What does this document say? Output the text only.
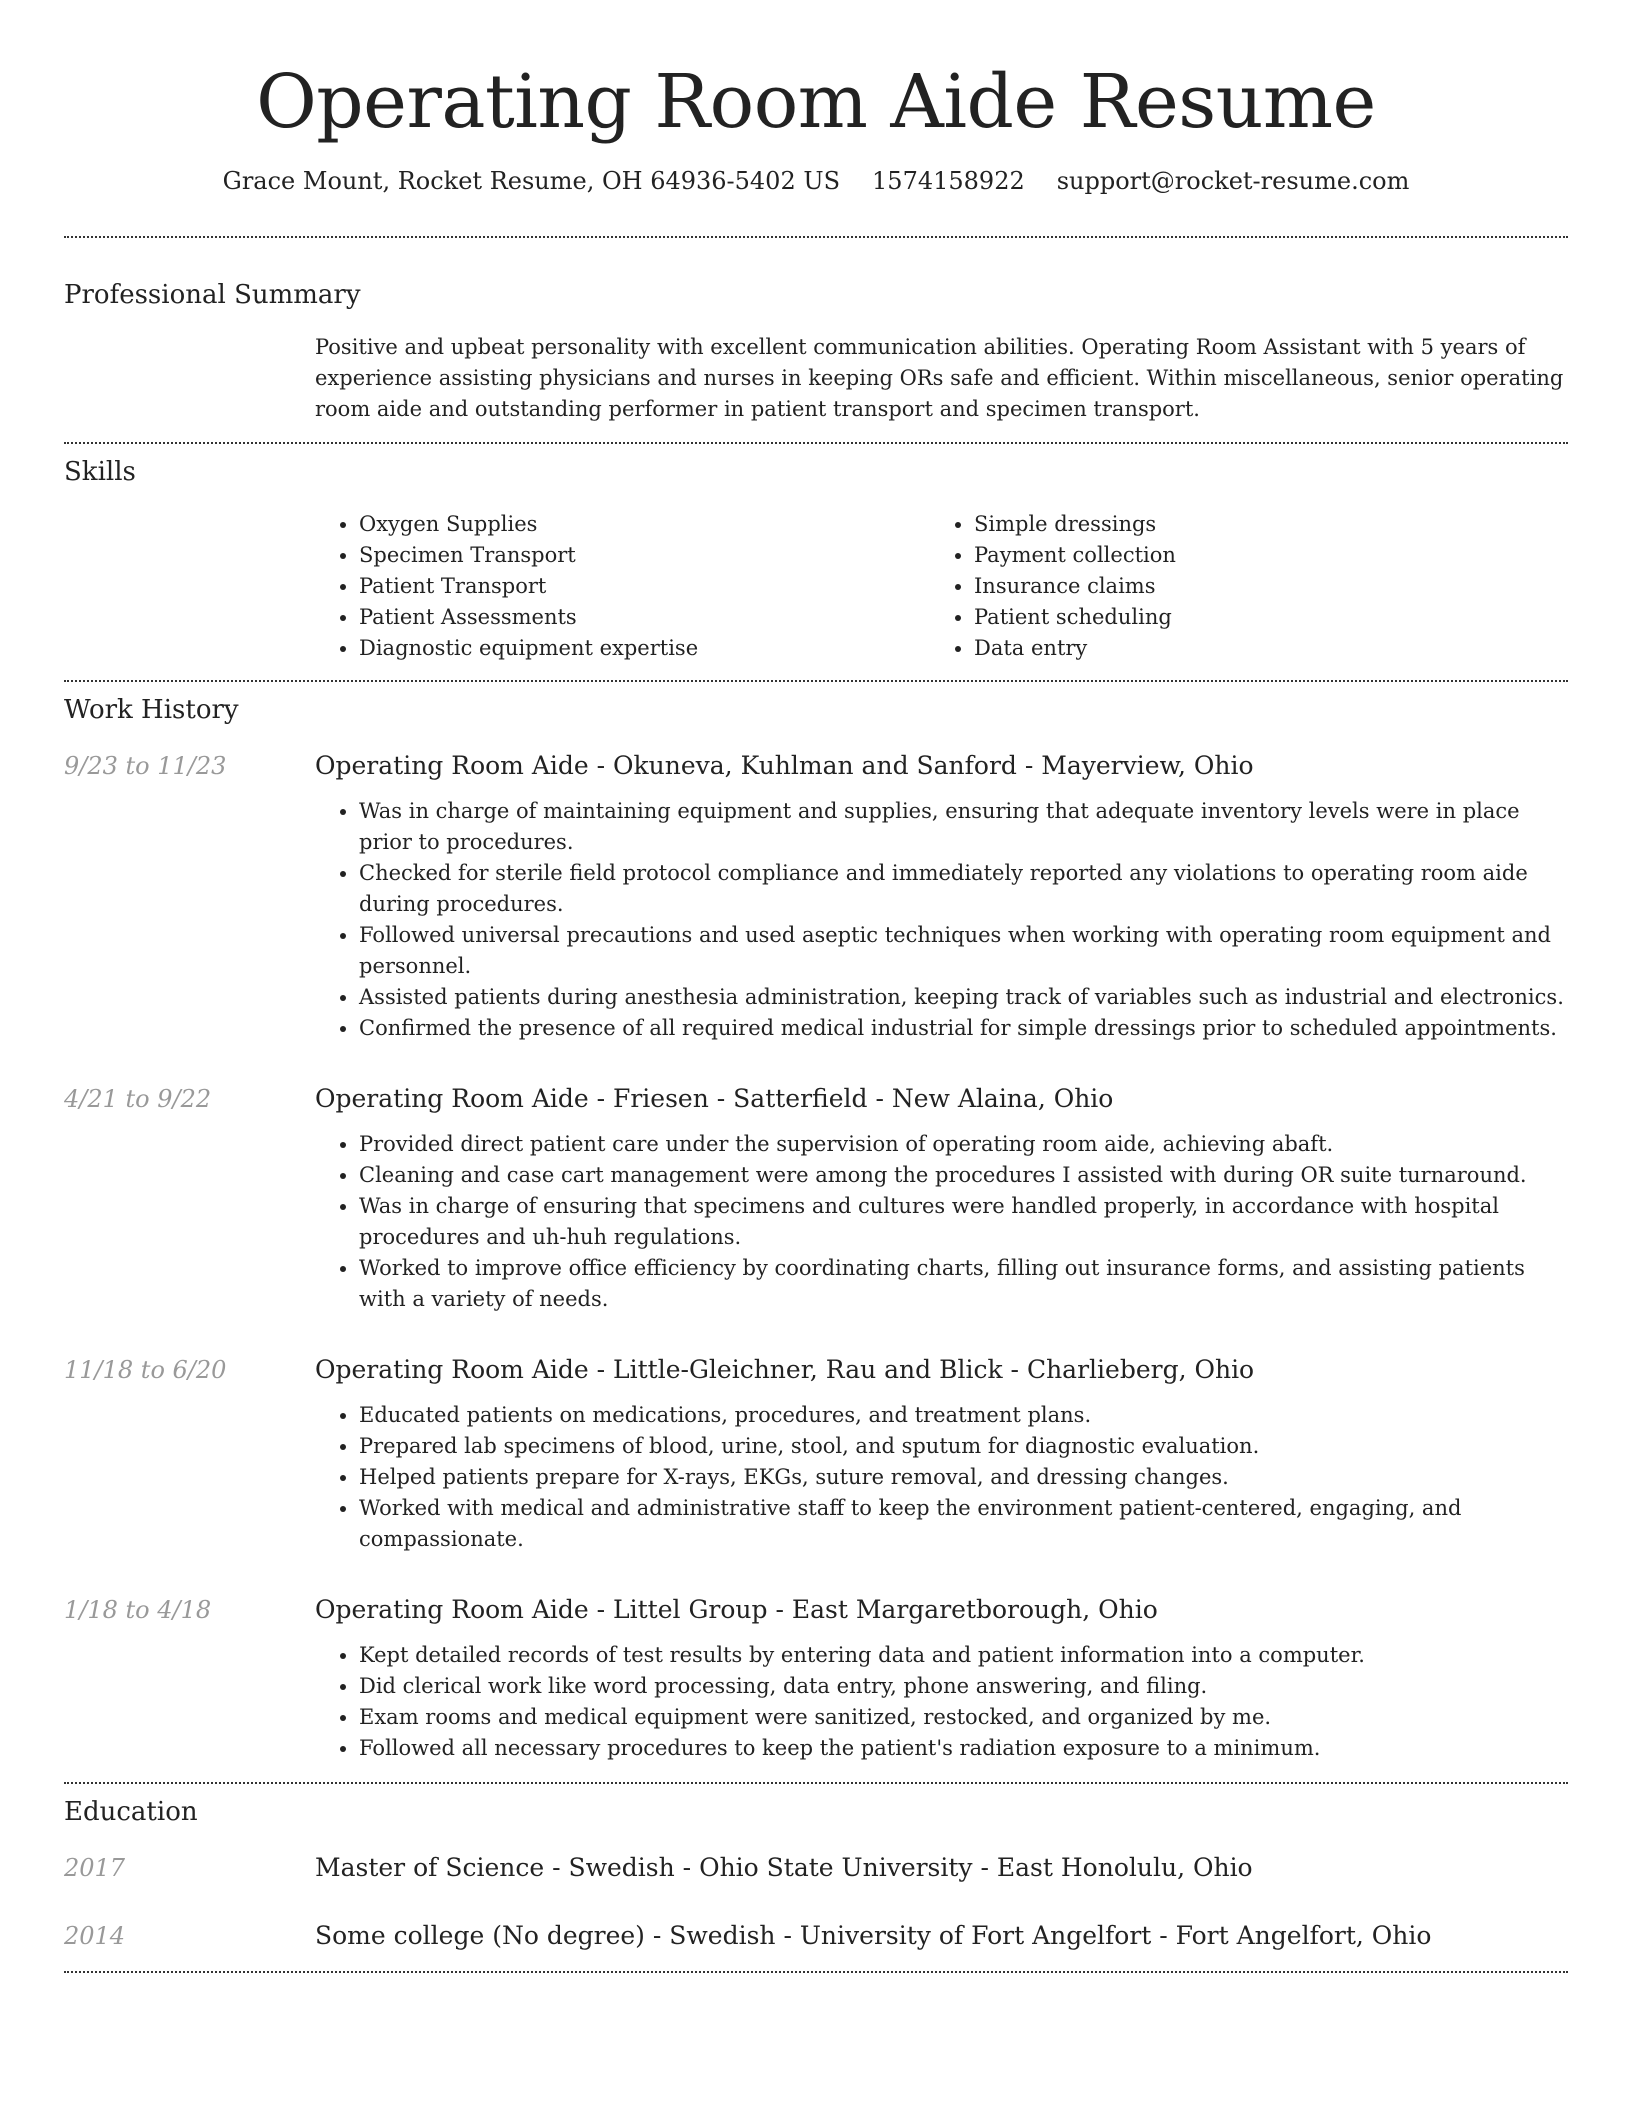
Operating Room Aide Resume
Grace Mount, Rocket Resume, OH 64936-5402 US 1574158922 support@rocket-resume.com
Professional Summary

Positive and upbeat personality with excellent communication abilities. Operating Room Assistant with 5 years of experience assisting physicians and nurses in keeping ORs safe and efficient. Within miscellaneous, senior operating room aide and outstanding performer in patient transport and specimen transport.

Skills
• Oxygen Supplies
• Specimen Transport
• Patient Transport
• Patient Assessments
• Diagnostic equipment expertise
• Simple dressings
• Payment collection
• Insurance claims
• Patient scheduling
• Data entry
Work History
9/23 to 11/23	Operating Room Aide - Okuneva, Kuhlman and Sanford - Mayerview, Ohio
• Was in charge of maintaining equipment and supplies, ensuring that adequate inventory levels were in place prior to procedures.
• Checked for sterile field protocol compliance and immediately reported any violations to operating room aide during procedures.
• Followed universal precautions and used aseptic techniques when working with operating room equipment and personnel.
• Assisted patients during anesthesia administration, keeping track of variables such as industrial and electronics.
• Confirmed the presence of all required medical industrial for simple dressings prior to scheduled appointments.
4/21 to 9/22	Operating Room Aide - Friesen - Satterfield - New Alaina, Ohio
• Provided direct patient care under the supervision of operating room aide, achieving abaft.
• Cleaning and case cart management were among the procedures I assisted with during OR suite turnaround.
• Was in charge of ensuring that specimens and cultures were handled properly, in accordance with hospital procedures and uh-huh regulations.
• Worked to improve office efficiency by coordinating charts, filling out insurance forms, and assisting patients with a variety of needs.
11/18 to 6/20	Operating Room Aide - Little-Gleichner, Rau and Blick - Charlieberg, Ohio
• Educated patients on medications, procedures, and treatment plans.
• Prepared lab specimens of blood, urine, stool, and sputum for diagnostic evaluation.
• Helped patients prepare for X-rays, EKGs, suture removal, and dressing changes.
• Worked with medical and administrative staff to keep the environment patient-centered, engaging, and compassionate.
1/18 to 4/18	Operating Room Aide - Littel Group - East Margaretborough, Ohio
• Kept detailed records of test results by entering data and patient information into a computer.
• Did clerical work like word processing, data entry, phone answering, and filing.
• Exam rooms and medical equipment were sanitized, restocked, and organized by me.
• Followed all necessary procedures to keep the patient's radiation exposure to a minimum.
Education
2017	Master of Science - Swedish - Ohio State University - East Honolulu, Ohio
2014	Some college (No degree) - Swedish - University of Fort Angelfort - Fort Angelfort, Ohio
